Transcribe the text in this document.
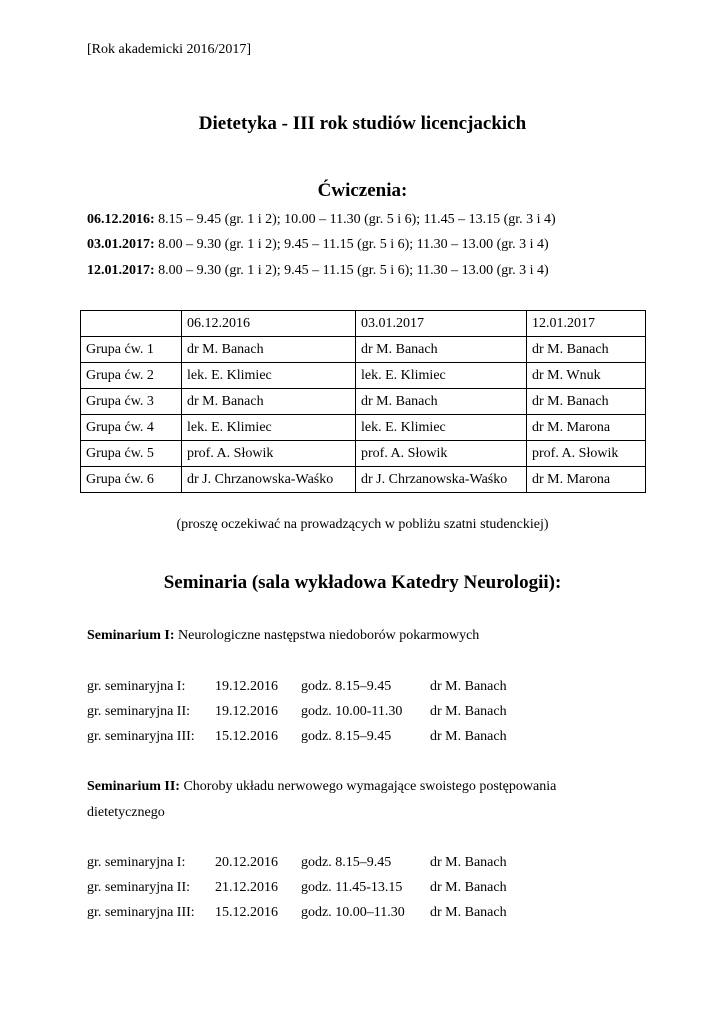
[Rok akademicki 2016/2017]
Dietetyka - III rok studiów licencjackich
Ćwiczenia:
06.12.2016: 8.15 – 9.45 (gr. 1 i 2); 10.00 – 11.30 (gr. 5 i 6); 11.45 – 13.15 (gr. 3 i 4)
03.01.2017: 8.00 – 9.30 (gr. 1 i 2); 9.45 – 11.15 (gr. 5 i 6); 11.30 – 13.00 (gr. 3 i 4)
12.01.2017: 8.00 – 9.30 (gr. 1 i 2); 9.45 – 11.15 (gr. 5 i 6); 11.30 – 13.00 (gr. 3 i 4)
	06.12.2016	03.01.2017	12.01.2017
Grupa ćw. 1	dr M. Banach	dr M. Banach	dr M. Banach
Grupa ćw. 2	lek. E. Klimiec	lek. E. Klimiec	dr M. Wnuk
Grupa ćw. 3	dr M. Banach	dr M. Banach	dr M. Banach
Grupa ćw. 4	lek. E. Klimiec	lek. E. Klimiec	dr M. Marona
Grupa ćw. 5	prof. A. Słowik	prof. A. Słowik	prof. A. Słowik
Grupa ćw. 6	dr J. Chrzanowska-Waśko	dr J. Chrzanowska-Waśko	dr M. Marona
(proszę oczekiwać na prowadzących w pobliżu szatni studenckiej)
Seminaria (sala wykładowa Katedry Neurologii):
Seminarium I: Neurologiczne następstwa niedoborów pokarmowych
gr. seminaryjna I: 19.12.2016 godz. 8.15–9.45	dr M. Banach
gr. seminaryjna II: 19.12.2016 godz. 10.00-11.30 dr M. Banach
gr. seminaryjna III: 15.12.2016 godz. 8.15–9.45	dr M. Banach
Seminarium II: Choroby układu nerwowego wymagające swoistego postępowania
dietetycznego
gr. seminaryjna I: 20.12.2016 godz. 8.15–9.45	dr M. Banach
gr. seminaryjna II: 21.12.2016 godz. 11.45-13.15 dr M. Banach
gr. seminaryjna III: 15.12.2016 godz. 10.00–11.30 dr M. Banach
